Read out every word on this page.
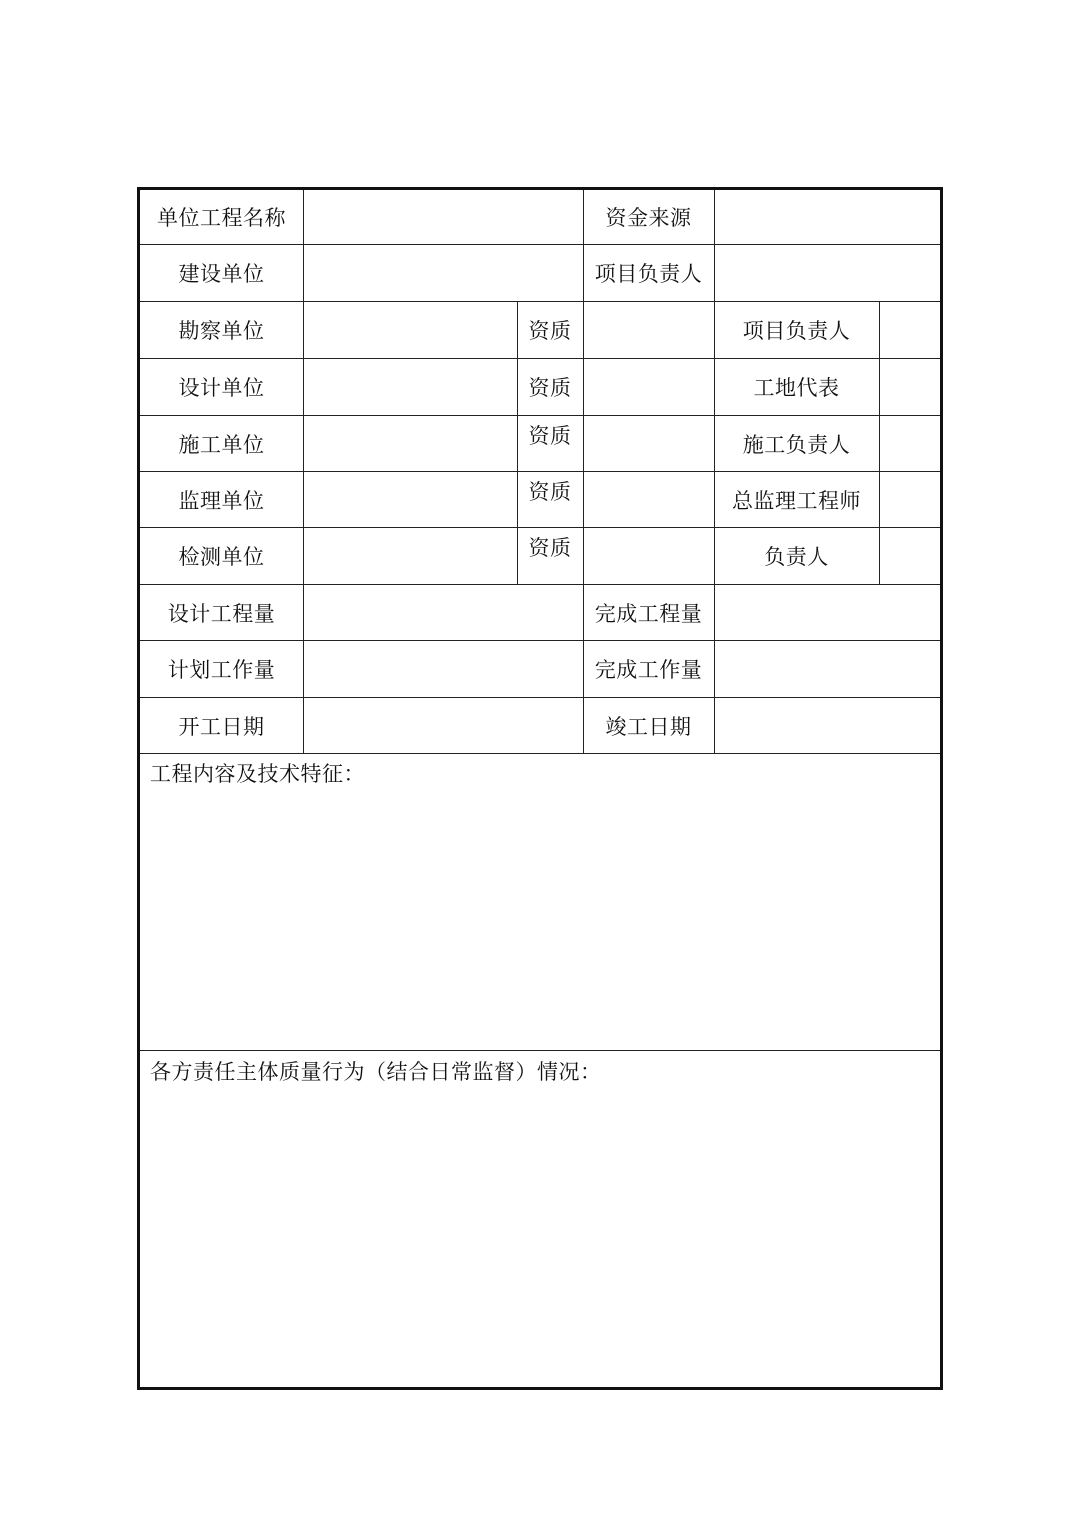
单位工程名称	资金来源
建设单位	项目负责人
勘察单位	资质	项目负责人
设计单位	资质	工地代表
施工单位	资质	施工负责人
监理单位	资质	总监理工程师
检测单位	资质	负责人
设计工程量	完成工程量
计划工作量	完成工作量
开工日期	竣工日期
工程内容及技术特征：
各方责任主体质量行为（结合日常监督）情况：
